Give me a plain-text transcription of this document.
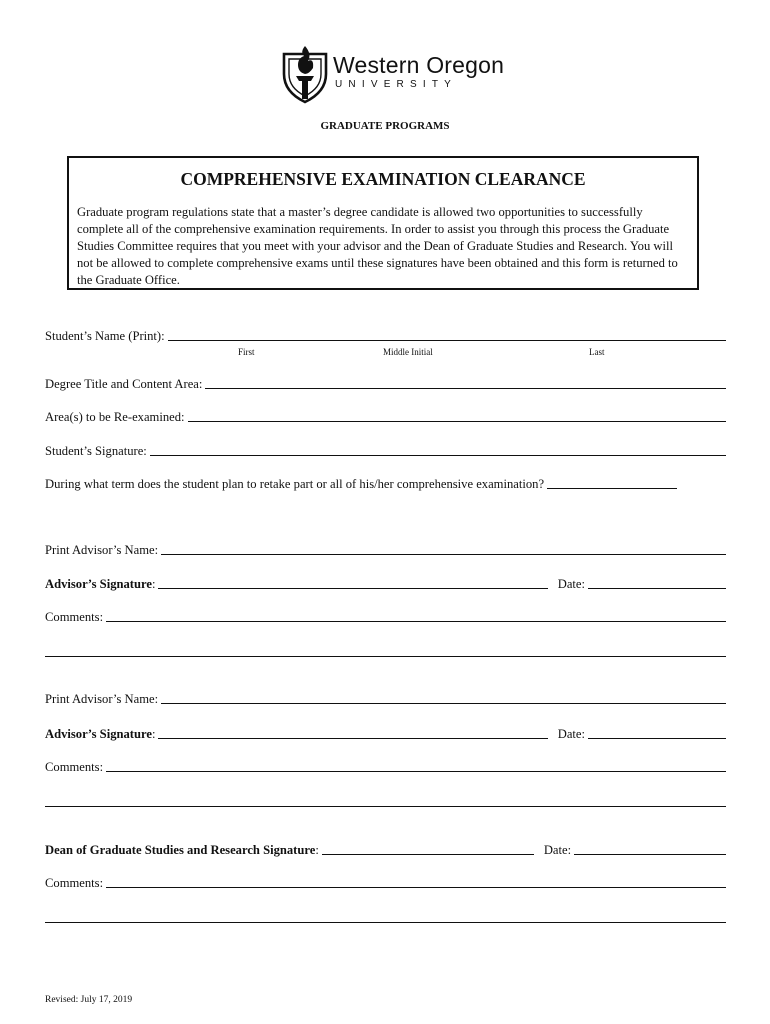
Western Oregon
UNIVERSITY
GRADUATE PROGRAMS
COMPREHENSIVE EXAMINATION CLEARANCE
Graduate program regulations state that a master’s degree candidate is allowed two opportunities to successfully complete all of the comprehensive examination requirements. In order to assist you through this process the Graduate Studies Committee requires that you meet with your advisor and the Dean of Graduate Studies and Research. You will not be allowed to complete comprehensive exams until these signatures have been obtained and this form is returned to the Graduate Office.
Student’s Name (Print):
First	Middle Initial	Last
Degree Title and Content Area:
Area(s) to be Re-examined:
Student’s Signature:
During what term does the student plan to retake part or all of his/her comprehensive examination?
Print Advisor’s Name:
Advisor’s Signature:	Date:
Comments:
Print Advisor’s Name:
Advisor’s Signature:	Date:
Comments:
Dean of Graduate Studies and Research Signature:	Date:
Comments:
Revised: July 17, 2019
